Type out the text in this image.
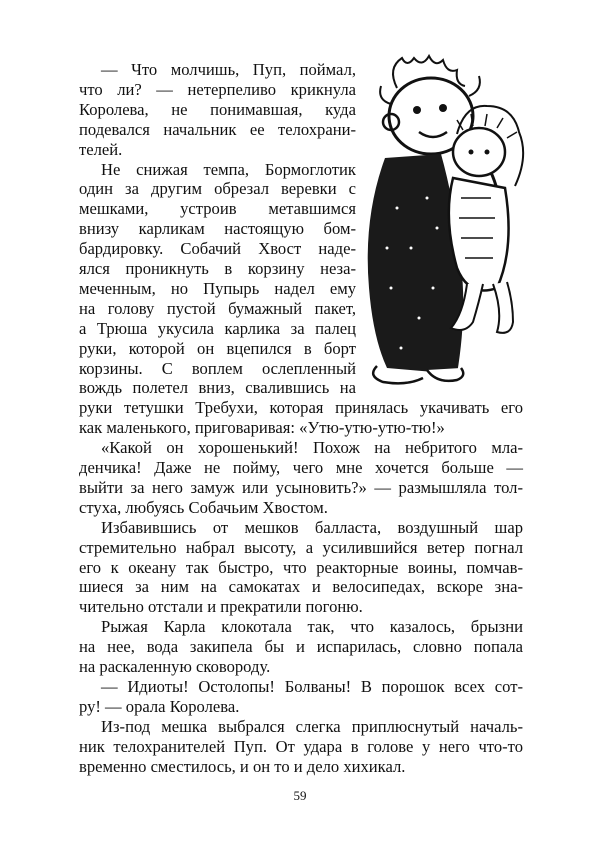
— Что молчишь, Пуп, поймал,
что ли? — нетерпеливо крикнула
Королева, не понимавшая, куда
подевался начальник ее телохрани-
телей.
Не снижая темпа, Бормоглотик
один за другим обрезал веревки с
мешками, устроив метавшимся
внизу карликам настоящую бом-
бардировку. Собачий Хвост наде-
ялся проникнуть в корзину неза-
меченным, но Пупырь надел ему
на голову пустой бумажный пакет,
а Трюша укусила карлика за палец
руки, которой он вцепился в борт
корзины. С воплем ослепленный
вождь полетел вниз, свалившись на
руки тетушки Требухи, которая принялась укачивать его
как маленького, приговаривая: «Утю-утю-утю-тю!»
«Какой он хорошенький! Похож на небритого мла-
денчика! Даже не пойму, чего мне хочется больше —
выйти за него замуж или усыновить?» — размышляла тол-
стуха, любуясь Собачьим Хвостом.
Избавившись от мешков балласта, воздушный шар
стремительно набрал высоту, а усилившийся ветер погнал
его к океану так быстро, что реакторные воины, помчав-
шиеся за ним на самокатах и велосипедах, вскоре зна-
чительно отстали и прекратили погоню.
Рыжая Карла клокотала так, что казалось, брызни
на нее, вода закипела бы и испарилась, словно попала
на раскаленную сковороду.
— Идиоты! Остолопы! Болваны! В порошок всех сот-
ру! — орала Королева.
Из-под мешка выбрался слегка приплюснутый началь-
ник телохранителей Пуп. От удара в голове у него что-то
временно сместилось, и он то и дело хихикал.
59
